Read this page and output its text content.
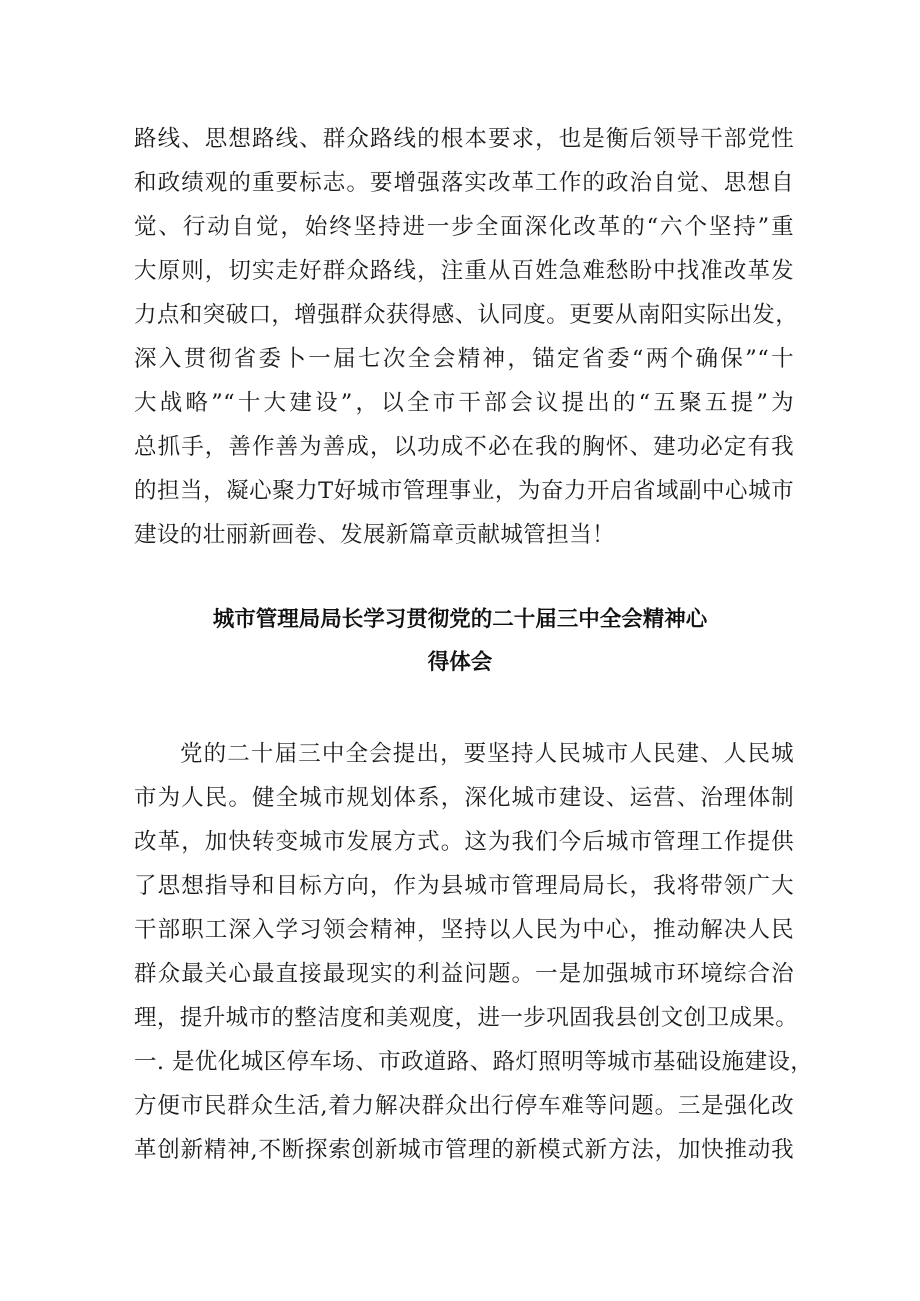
路线、思想路线、群众路线的根本要求，也是衡后领导干部党性
和政绩观的重要标志。要增强落实改革工作的政治自觉、思想自
觉、行动自觉，始终坚持进一步全面深化改革的“六个坚持”重
大原则，切实走好群众路线，注重从百姓急难愁盼中找准改革发
力点和突破口，增强群众获得感、认同度。更要从南阳实际出发，
深入贯彻省委卜一届七次全会精神，锚定省委“两个确保”“十
大战略”“十大建设”，以全市干部会议提出的“五聚五提”为
总抓手，善作善为善成，以功成不必在我的胸怀、建功必定有我
的担当，凝心聚力T好城市管理事业，为奋力开启省域副中心城市
建设的壮丽新画卷、发展新篇章贡献城管担当！
城市管理局局长学习贯彻党的二十届三中全会精神心
得体会
党的二十届三中全会提出，要坚持人民城市人民建、人民城
市为人民。健全城市规划体系，深化城市建设、运营、治理体制
改革，加快转变城市发展方式。这为我们今后城市管理工作提供
了思想指导和目标方向，作为县城市管理局局长，我将带领广大
干部职工深入学习领会精神，坚持以人民为中心，推动解决人民
群众最关心最直接最现实的利益问题。一是加强城市环境综合治
理，提升城市的整洁度和美观度，进一步巩固我县创文创卫成果。
一. 是优化城区停车场、市政道路、路灯照明等城市基础设施建设，
方便市民群众生活,着力解决群众出行停车难等问题。三是强化改
革创新精神,不断探索创新城市管理的新模式新方法，加快推动我
